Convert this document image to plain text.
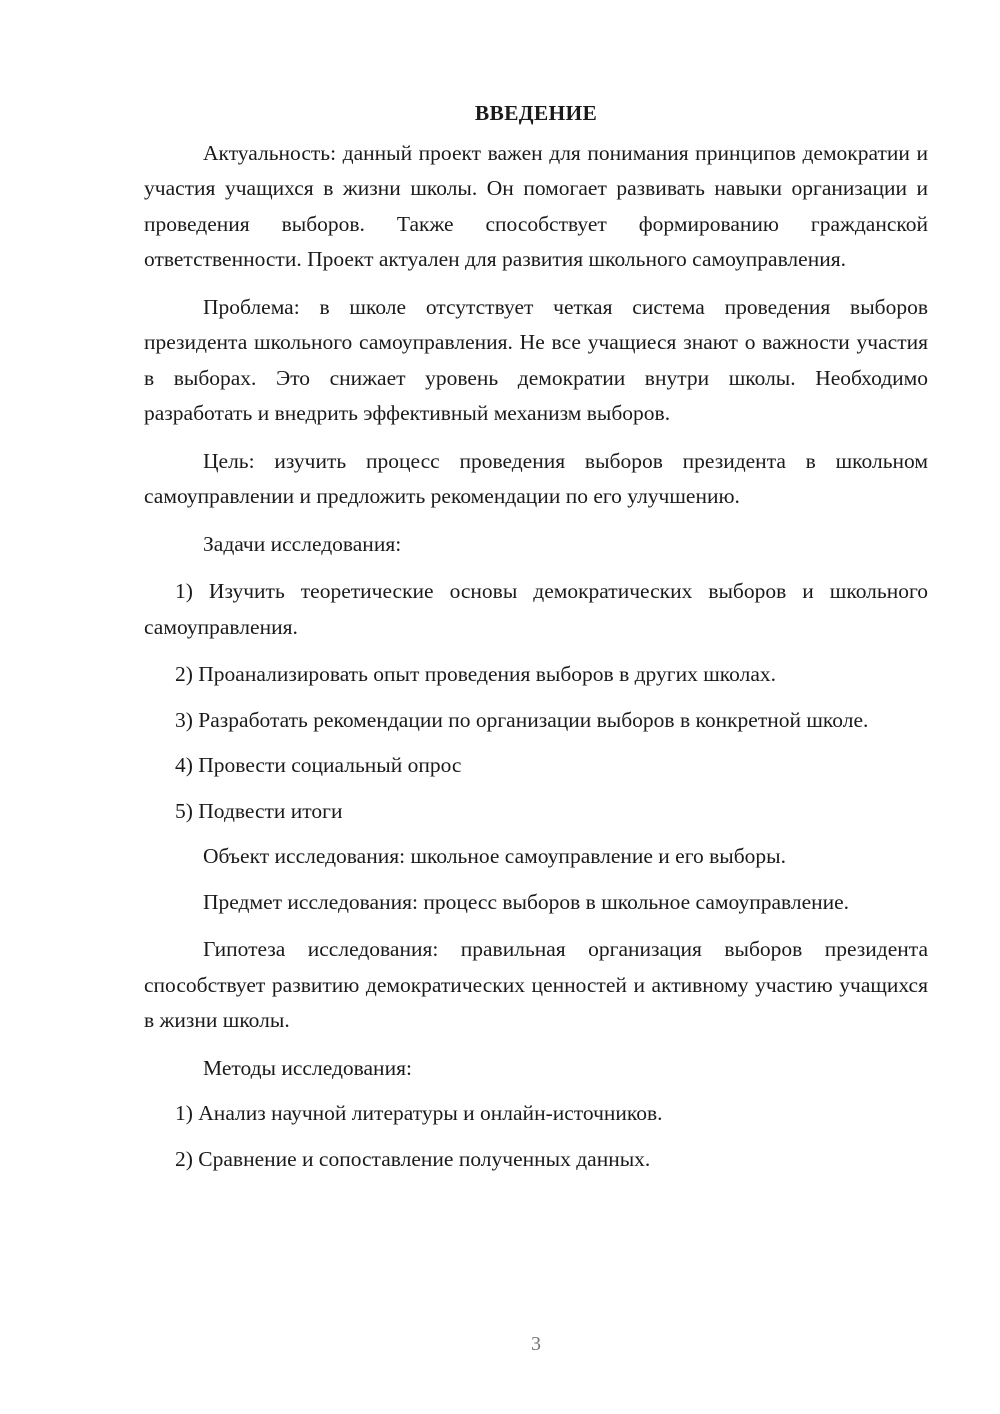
ВВЕДЕНИЕ

Актуальность: данный проект важен для понимания принципов демократии и участия учащихся в жизни школы. Он помогает развивать навыки организации и проведения выборов. Также способствует формированию гражданской ответственности. Проект актуален для развития школьного самоуправления.

Проблема: в школе отсутствует четкая система проведения выборов президента школьного самоуправления. Не все учащиеся знают о важности участия в выборах. Это снижает уровень демократии внутри школы. Необходимо разработать и внедрить эффективный механизм выборов.

Цель: изучить процесс проведения выборов президента в школьном самоуправлении и предложить рекомендации по его улучшению.

Задачи исследования:

1) Изучить теоретические основы демократических выборов и школьного самоуправления.

2) Проанализировать опыт проведения выборов в других школах.

3) Разработать рекомендации по организации выборов в конкретной школе.

4) Провести социальный опрос

5) Подвести итоги

Объект исследования: школьное самоуправление и его выборы.

Предмет исследования: процесс выборов в школьное самоуправление.

Гипотеза исследования: правильная организация выборов президента способствует развитию демократических ценностей и активному участию учащихся в жизни школы.

Методы исследования:

1) Анализ научной литературы и онлайн-источников.

2) Сравнение и сопоставление полученных данных.

3
